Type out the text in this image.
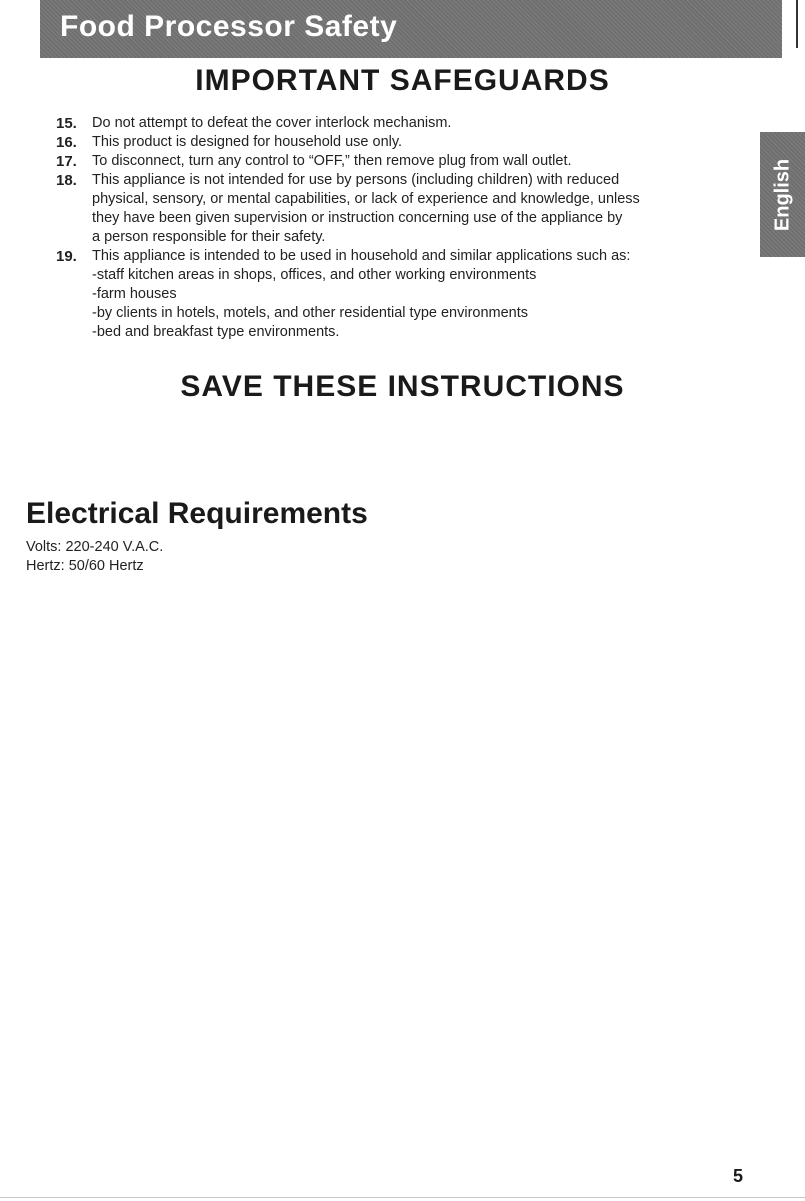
Food Processor Safety
IMPORTANT SAFEGUARDS
15. Do not attempt to defeat the cover interlock mechanism.
16. This product is designed for household use only.
17. To disconnect, turn any control to “OFF,” then remove plug from wall outlet.
18. This appliance is not intended for use by persons (including children) with reduced
physical, sensory, or mental capabilities, or lack of experience and knowledge, unless
they have been given supervision or instruction concerning use of the appliance by
a person responsible for their safety.
19. This appliance is intended to be used in household and similar applications such as:
-staff kitchen areas in shops, offices, and other working environments
-farm houses
-by clients in hotels, motels, and other residential type environments
-bed and breakfast type environments.
SAVE THESE INSTRUCTIONS
English
Electrical Requirements
Volts: 220-240 V.A.C.
Hertz: 50/60 Hertz
5
